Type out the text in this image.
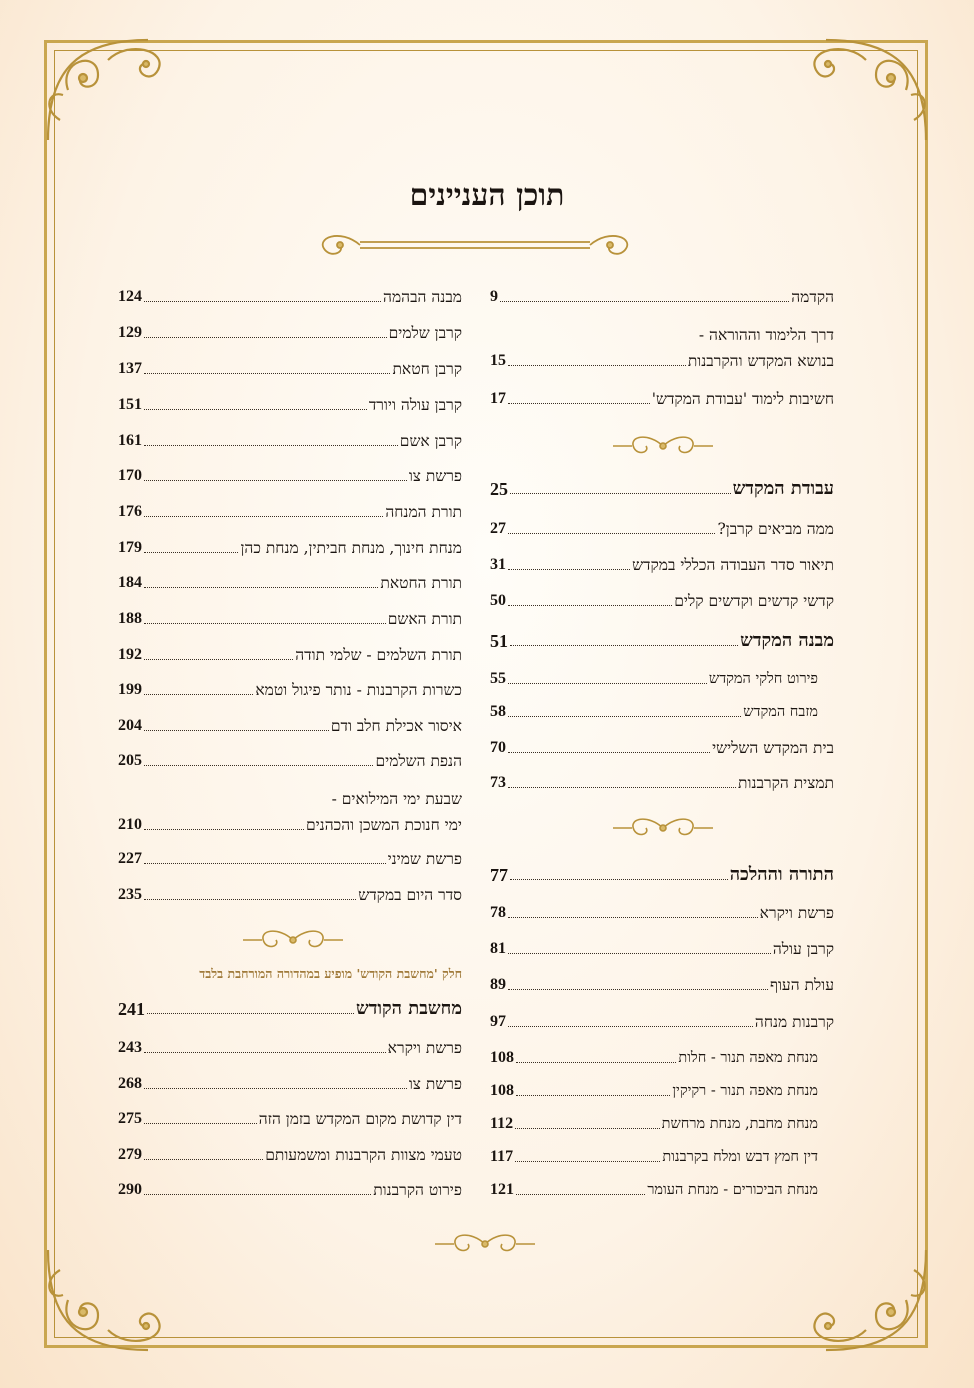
תוכן העניינים
הקדמה
9
דרך הלימוד וההוראה -
בנושא המקדש והקרבנות
15
חשיבות לימוד 'עבודת המקדש'
17
עבודת המקדש
25
ממה מביאים קרבן?
27
תיאור סדר העבודה הכללי במקדש
31
קדשי קדשים וקדשים קלים
50
מבנה המקדש
51
פירוט חלקי המקדש
55
מזבח המקדש
58
בית המקדש השלישי
70
תמצית הקרבנות
73
התורה וההלכה
77
פרשת ויקרא
78
קרבן עולה
81
עולת העוף
89
קרבנות מנחה
97
מנחת מאפה תנור - חלות
108
מנחת מאפה תנור - רקיקין
108
מנחת מחבת, מנחת מרחשת
112
דין חמץ דבש ומלח בקרבנות
117
מנחת הביכורים - מנחת העומר
121
מבנה הבהמה
124
קרבן שלמים
129
קרבן חטאת
137
קרבן עולה ויורד
151
קרבן אשם
161
פרשת צו
170
תורת המנחה
176
מנחת חינוך, מנחת חביתין, מנחת כהן
179
תורת החטאת
184
תורת האשם
188
תורת השלמים - שלמי תודה
192
כשרות הקרבנות - נותר פיגול וטמא
199
איסור אכילת חלב ודם
204
הנפת השלמים
205
שבעת ימי המילואים -
ימי חנוכת המשכן והכהנים
210
פרשת שמיני
227
סדר היום במקדש
235
מחשבת הקודש
241
פרשת ויקרא
243
פרשת צו
268
דין קדושת מקום המקדש בזמן הזה
275
טעמי מצוות הקרבנות ומשמעותם
279
פירוט הקרבנות
290
חלק 'מחשבת הקודש' מופיע במהדורה המורחבת בלבד
